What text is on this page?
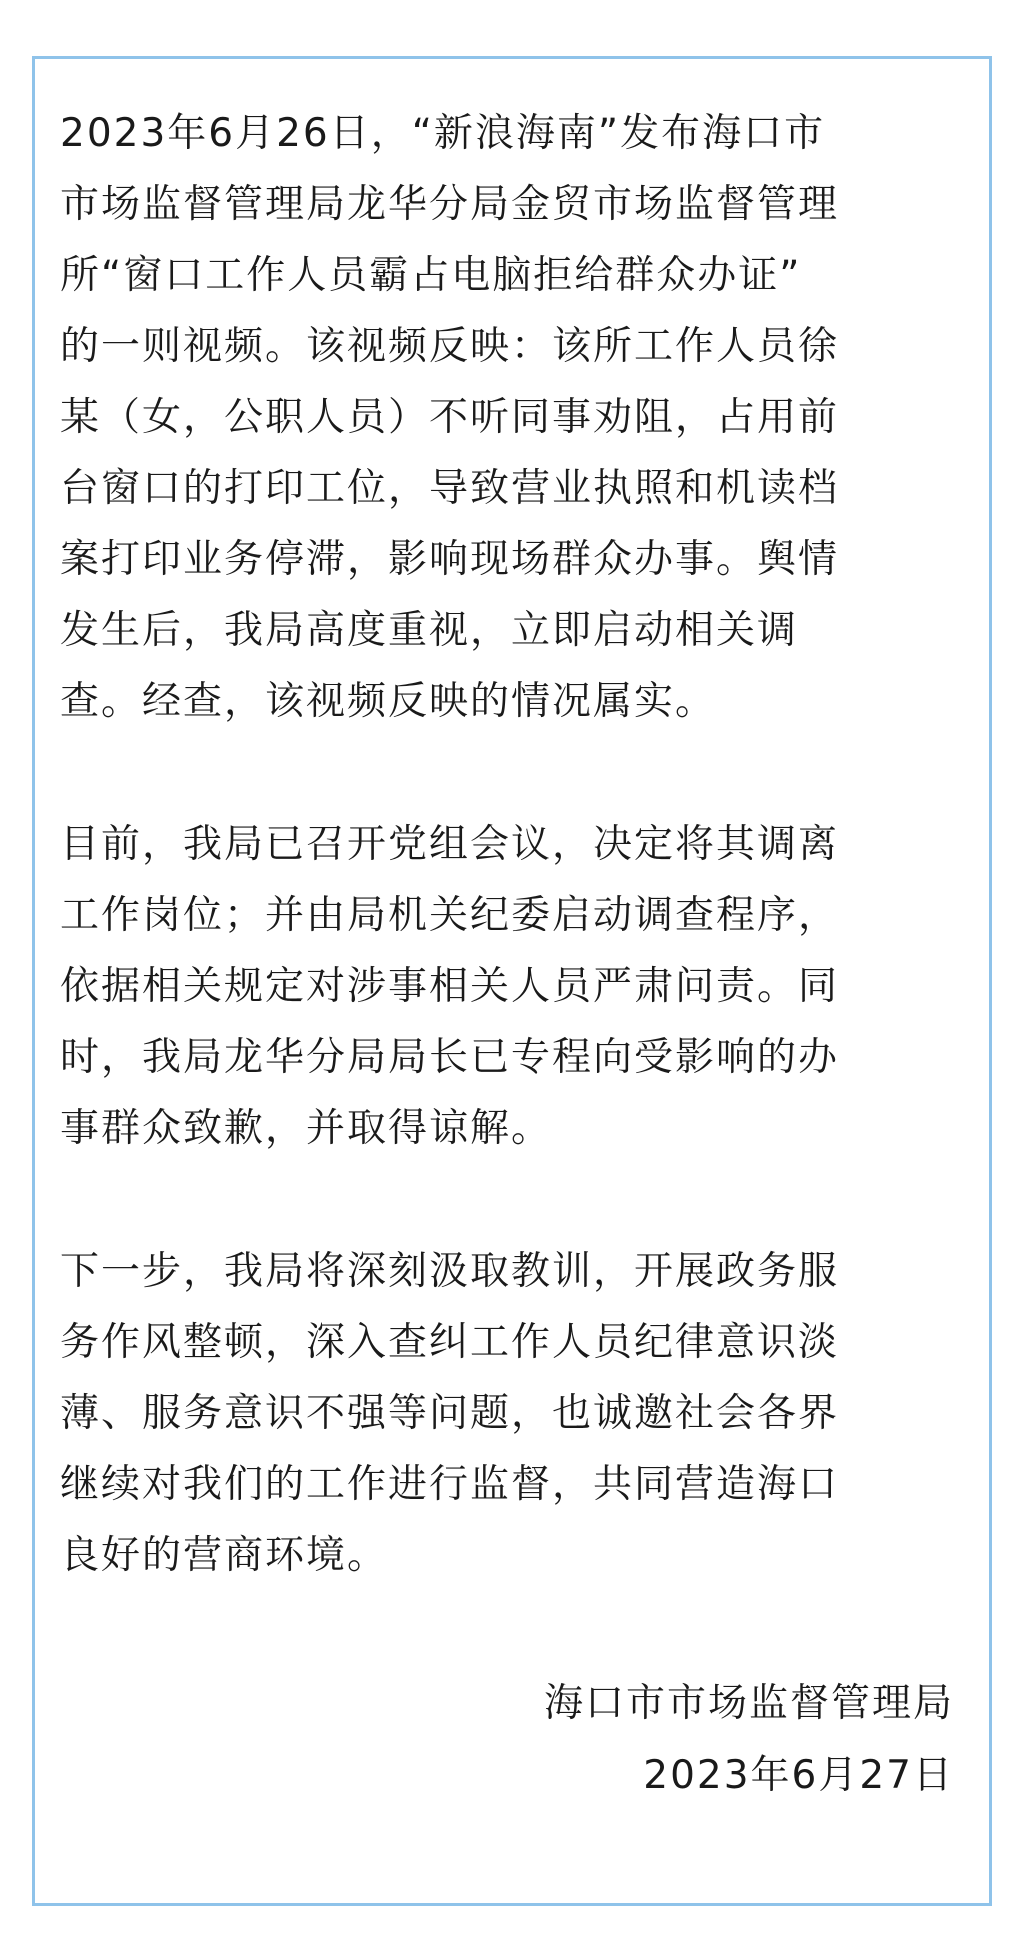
2023年6月26日，“新浪海南”发布海口市
市场监督管理局龙华分局金贸市场监督管理
所“窗口工作人员霸占电脑拒给群众办证”
的一则视频。该视频反映：该所工作人员徐
某（女，公职人员）不听同事劝阻，占用前
台窗口的打印工位，导致营业执照和机读档
案打印业务停滞，影响现场群众办事。舆情
发生后，我局高度重视，立即启动相关调
查。经查，该视频反映的情况属实。

目前，我局已召开党组会议，决定将其调离
工作岗位；并由局机关纪委启动调查程序，
依据相关规定对涉事相关人员严肃问责。同
时，我局龙华分局局长已专程向受影响的办
事群众致歉，并取得谅解。

下一步，我局将深刻汲取教训，开展政务服
务作风整顿，深入查纠工作人员纪律意识淡
薄、服务意识不强等问题，也诚邀社会各界
继续对我们的工作进行监督，共同营造海口
良好的营商环境。

海口市市场监督管理局
2023年6月27日
